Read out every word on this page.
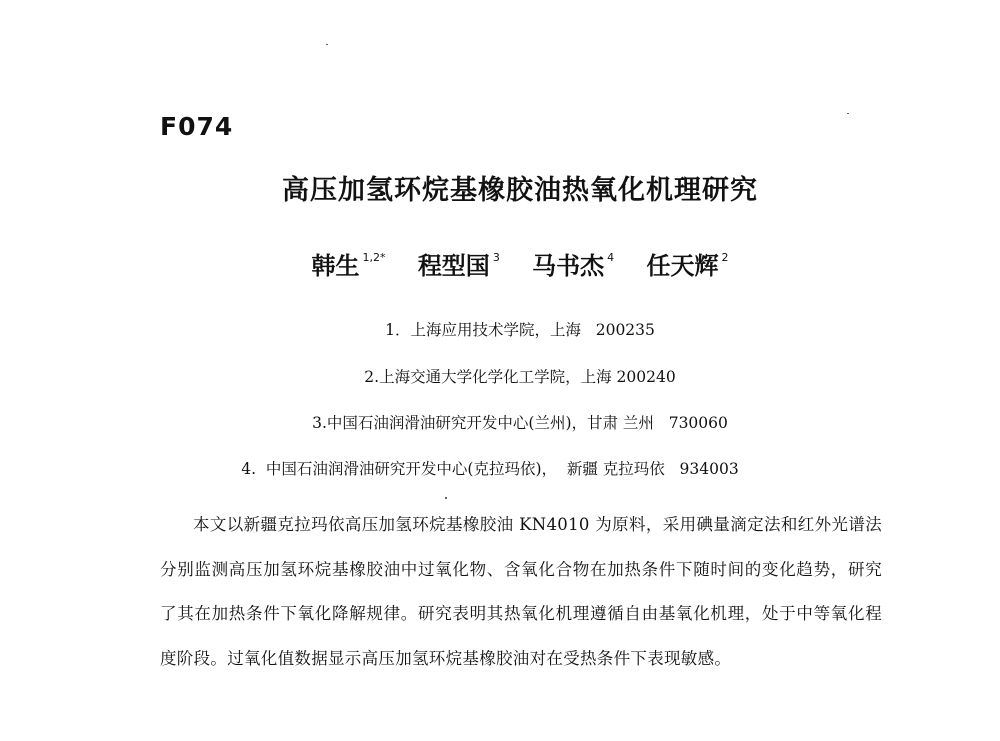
F074
高压加氢环烷基橡胶油热氧化机理研究
韩生 $^{1,2*}$ 程型国 $^3$ 马书杰 $^4$ 任天辉 $^2$
1．上海应用技术学院，上海   200235
2.上海交通大学化学化工学院，上海 200240
3.中国石油润滑油研究开发中心(兰州)，甘肃 兰州   730060
4.  中国石油润滑油研究开发中心(克拉玛依)，  新疆 克拉玛依   934003

本文以新疆克拉玛依高压加氢环烷基橡胶油 KN4010 为原料，采用碘量滴定法和红外光谱法分别监测高压加氢环烷基橡胶油中过氧化物、含氧化合物在加热条件下随时间的变化趋势，研究了其在加热条件下氧化降解规律。研究表明其热氧化机理遵循自由基氧化机理，处于中等氧化程度阶段。过氧化值数据显示高压加氢环烷基橡胶油对在受热条件下表现敏感。
